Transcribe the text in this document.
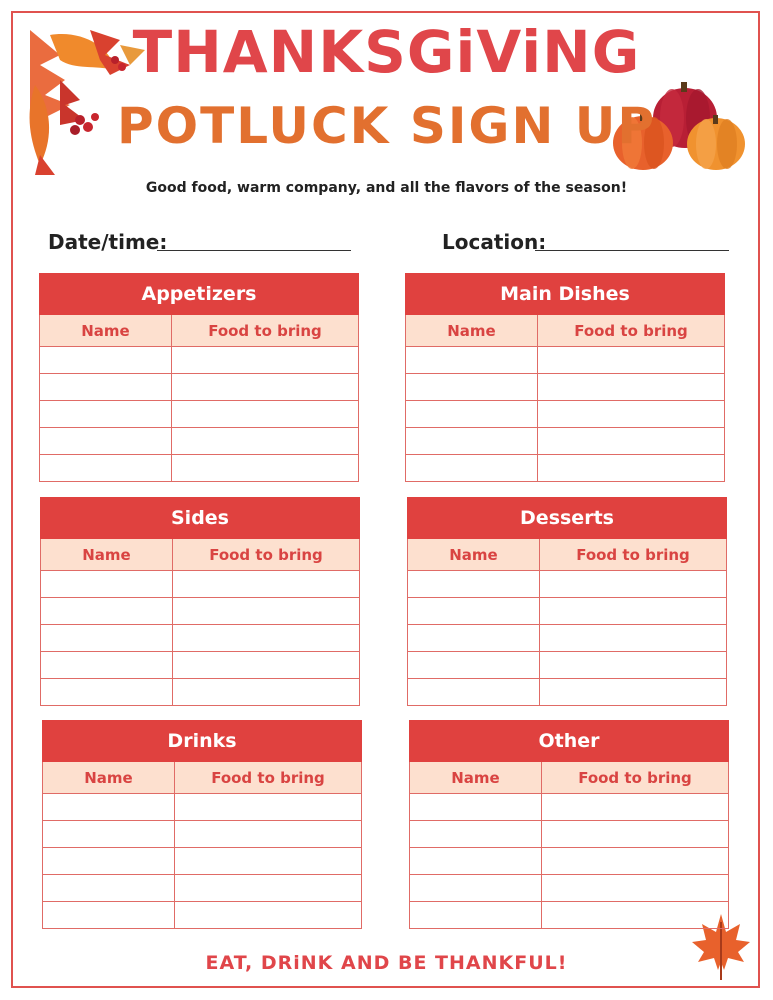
THANKSGiViNG
POTLUCK SIGN UP
Good food, warm company, and all the flavors of the season!
Date/time:	Location:
Appetizers
Name	Food to bring
Main Dishes
Name	Food to bring
Sides
Name	Food to bring
Desserts
Name	Food to bring
Drinks
Name	Food to bring
Other
Name	Food to bring
EAT, DRiNK AND BE THANKFUL!
